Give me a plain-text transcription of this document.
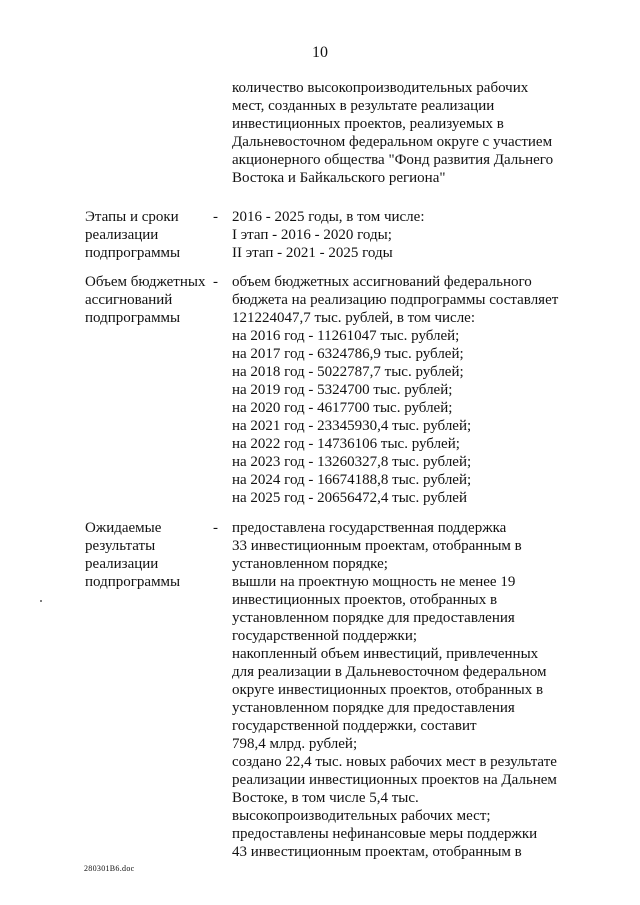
10
количество высокопроизводительных рабочих
мест, созданных в результате реализации
инвестиционных проектов, реализуемых в
Дальневосточном федеральном округе с участием
акционерного общества "Фонд развития Дальнего
Востока и Байкальского региона"
Этапы и сроки
реализации
подпрограммы
- 2016 - 2025 годы, в том числе:
I этап - 2016 - 2020 годы;
II этап - 2021 - 2025 годы
Объем бюджетных
ассигнований
подпрограммы
- объем бюджетных ассигнований федерального
бюджета на реализацию подпрограммы составляет
121224047,7 тыс. рублей, в том числе:
на 2016 год - 11261047 тыс. рублей;
на 2017 год - 6324786,9 тыс. рублей;
на 2018 год - 5022787,7 тыс. рублей;
на 2019 год - 5324700 тыс. рублей;
на 2020 год - 4617700 тыс. рублей;
на 2021 год - 23345930,4 тыс. рублей;
на 2022 год - 14736106 тыс. рублей;
на 2023 год - 13260327,8 тыс. рублей;
на 2024 год - 16674188,8 тыс. рублей;
на 2025 год - 20656472,4 тыс. рублей
Ожидаемые
результаты
реализации
подпрограммы
- предоставлена государственная поддержка
33 инвестиционным проектам, отобранным в
установленном порядке;
вышли на проектную мощность не менее 19
инвестиционных проектов, отобранных в
установленном порядке для предоставления
государственной поддержки;
накопленный объем инвестиций, привлеченных
для реализации в Дальневосточном федеральном
округе инвестиционных проектов, отобранных в
установленном порядке для предоставления
государственной поддержки, составит
798,4 млрд. рублей;
создано 22,4 тыс. новых рабочих мест в результате
реализации инвестиционных проектов на Дальнем
Востоке, в том числе 5,4 тыс.
высокопроизводительных рабочих мест;
предоставлены нефинансовые меры поддержки
43 инвестиционным проектам, отобранным в
280301B6.doc
